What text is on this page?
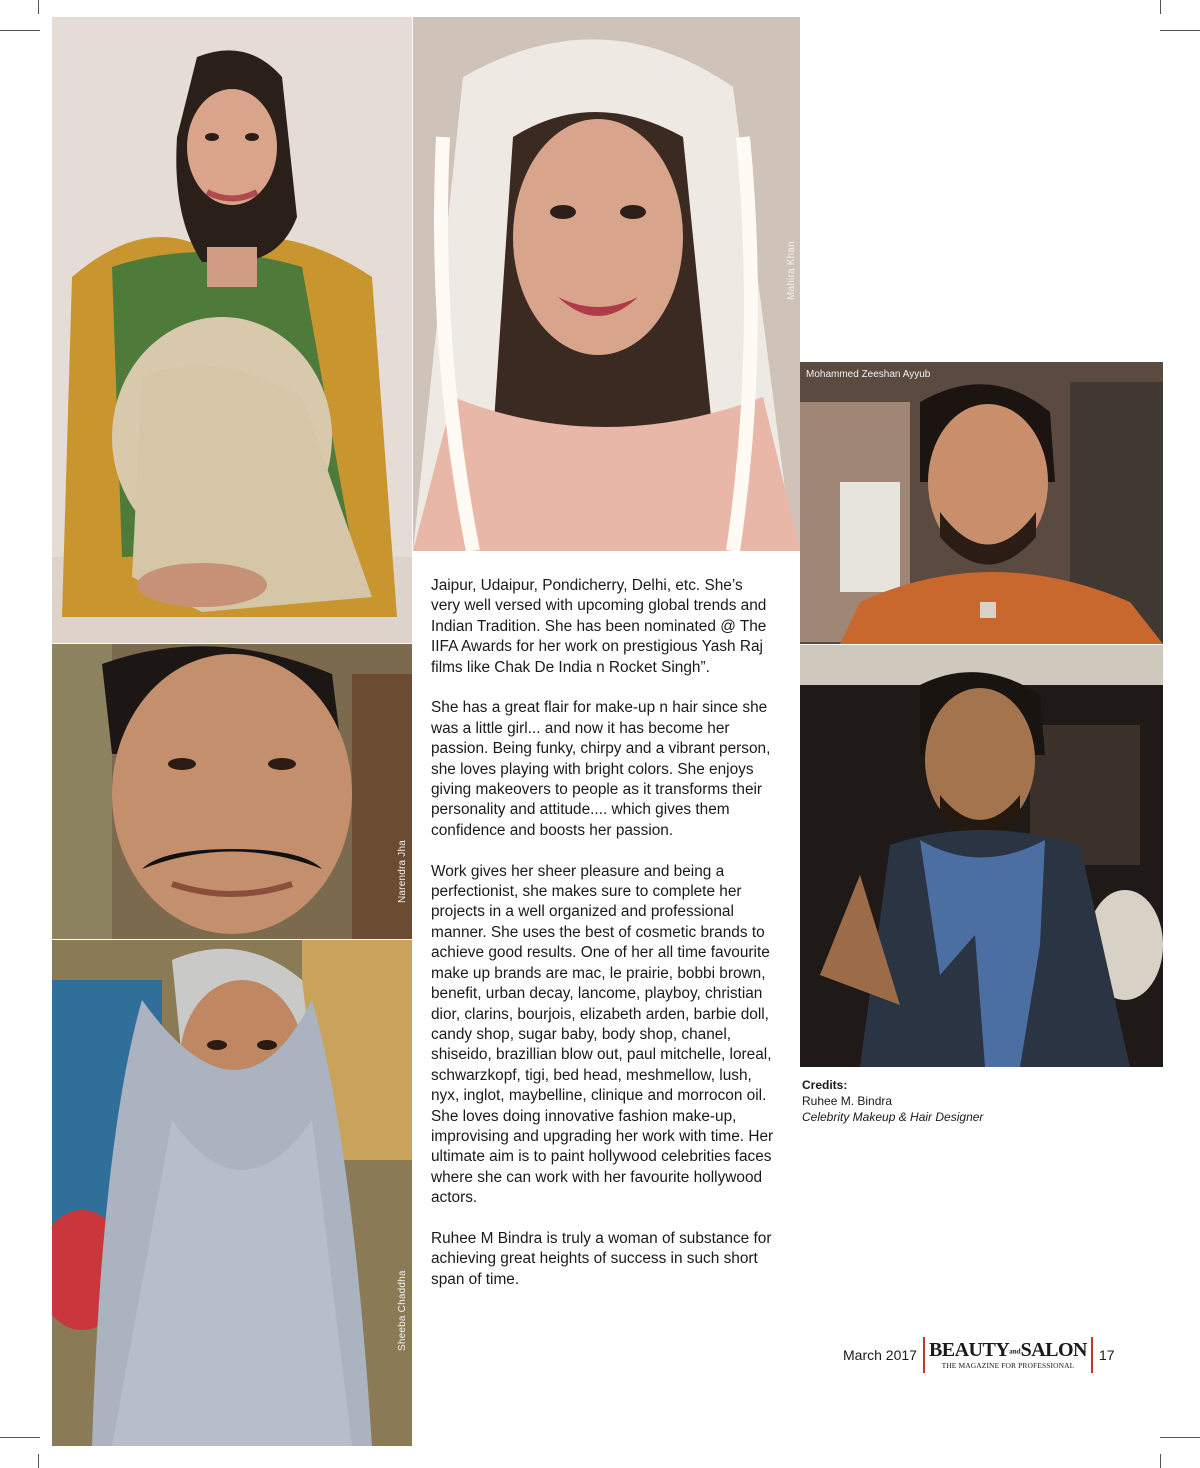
Mahira Khan
Mohammed Zeeshan Ayyub
Narendra Jha
Sheeba Chaddha

Jaipur, Udaipur, Pondicherry, Delhi, etc. She’s very well versed with upcoming global trends and Indian Tradition. She has been nominated @ The IIFA Awards for her work on prestigious Yash Raj films like Chak De India n Rocket Singh”.

She has a great flair for make-up n hair since she was a little girl... and now it has become her passion. Being funky, chirpy and a vibrant person, she loves playing with bright colors. She enjoys giving makeovers to people as it transforms their personality and attitude.... which gives them confidence and boosts her passion.

Work gives her sheer pleasure and being a perfectionist, she makes sure to complete her projects in a well organized and professional manner. She uses the best of cosmetic brands to achieve good results. One of her all time favourite make up brands are mac, le prairie, bobbi brown, benefit, urban decay, lancome, playboy, christian dior, clarins, bourjois, elizabeth arden, barbie doll, candy shop, sugar baby, body shop, chanel, shiseido, brazillian blow out, paul mitchelle, loreal, schwarzkopf, tigi, bed head, meshmellow, lush, nyx, inglot, maybelline, clinique and morrocon oil. She loves doing innovative fashion make-up, improvising and upgrading her work with time. Her ultimate aim is to paint hollywood celebrities faces where she can work with her favourite hollywood actors.

Ruhee M Bindra is truly a woman of substance for achieving great heights of success in such short span of time.

Credits:
Ruhee M. Bindra
Celebrity Makeup & Hair Designer
March 2017 BEAUTYandSALON
THE MAGAZINE FOR PROFESSIONAL
17
